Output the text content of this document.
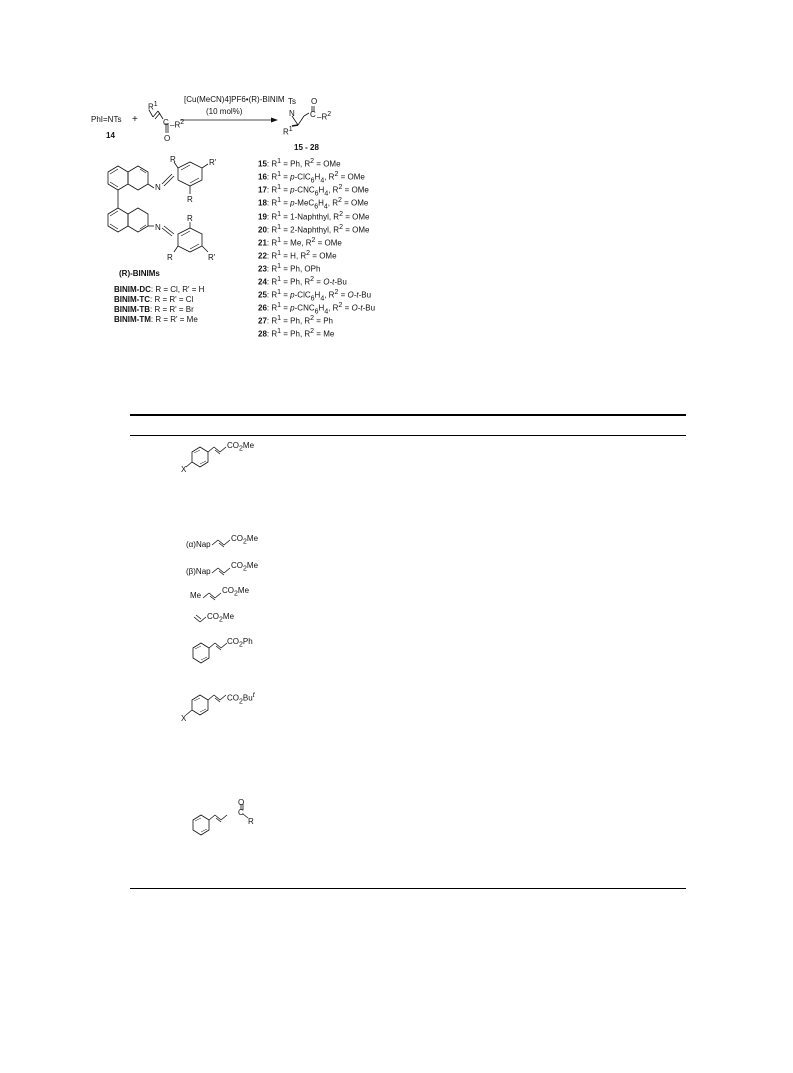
PhI=NTs
14
+
$R^1$
C $-R^2$
O
[Cu(MeCN)4]PF6•(R)-BINIM
(10 mol%)
Ts
N
O
C $-R^2$
$R^1$
15 - 28
R	R'
R
N
N
R
R	R'
(R)-BINIMs
BINIM-DC: R = Cl, R' = H
BINIM-TC: R = R' = Cl
BINIM-TB: R = R' = Br
BINIM-TM: R = R' = Me
15: $R^1 = Ph$, $R^2$ = OMe
16: $R^1 = p-ClC_6H_4$, $R^2$ = OMe
17: $R^1 = p-CNC_6H_4$, $R^2$ = OMe
18: $R^1 = p-MeC_6H_4$, $R^2$ = OMe
19: $R^1$ = 1-Naphthyl, $R^2$ = OMe
20: $R^1$ = 2-Naphthyl, $R^2$ = OMe
21: $R^1 = Me$, $R^2$ = OMe
22: $R^1 = H$, $R^2$ = OMe
23: $R^1 = Ph$, OPh
24: $R^1 = Ph$, $R^2 = O-t-Bu$
25: $R^1 = p-ClC_6H_4$, $R^2 = O-t-Bu$
26: $R^1 = p-CNC_6H_4$, $R^2 = O-t-Bu$
27: $R^1 = Ph$, $R^2 = Ph$
28: $R^1 = Ph$, $R^2 = Me$
$CO_2Me$
X
(α)Nap
$CO_2Me$
(β)Nap
$CO_2Me$
Me
$CO_2Me$
$CO_2Me$
$CO_2Ph$
$CO_2Bu^t$
X
O
C
R
